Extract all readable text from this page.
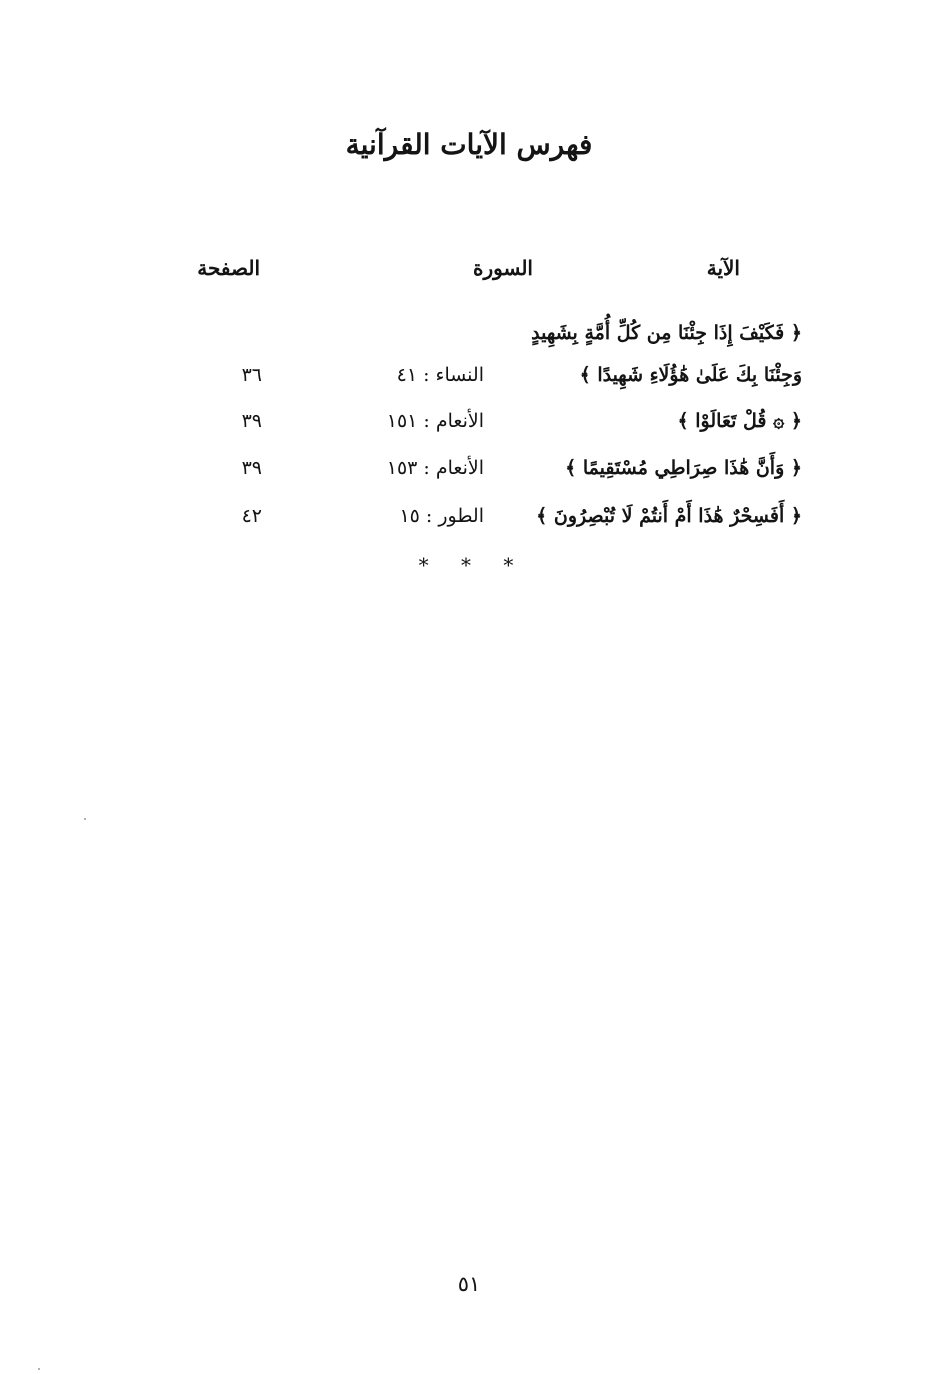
فهرس الآيات القرآنية
الآية
السورة
الصفحة
﴿ فَكَيْفَ إِذَا جِئْنَا مِن كُلِّ أُمَّةٍ بِشَهِيدٍ
وَجِئْنَا بِكَ عَلَىٰ هَٰؤُلَاءِ شَهِيدًا ﴾
النساء : ٤١
٣٦
﴿ ۞ قُلْ تَعَالَوْا ﴾
الأنعام : ١٥١
٣٩
﴿ وَأَنَّ هَٰذَا صِرَاطِي مُسْتَقِيمًا ﴾
الأنعام : ١٥٣
٣٩
﴿ أَفَسِحْرٌ هَٰذَا أَمْ أَنتُمْ لَا تُبْصِرُونَ ﴾
الطور : ١٥
٤٢
* * *
٥١
